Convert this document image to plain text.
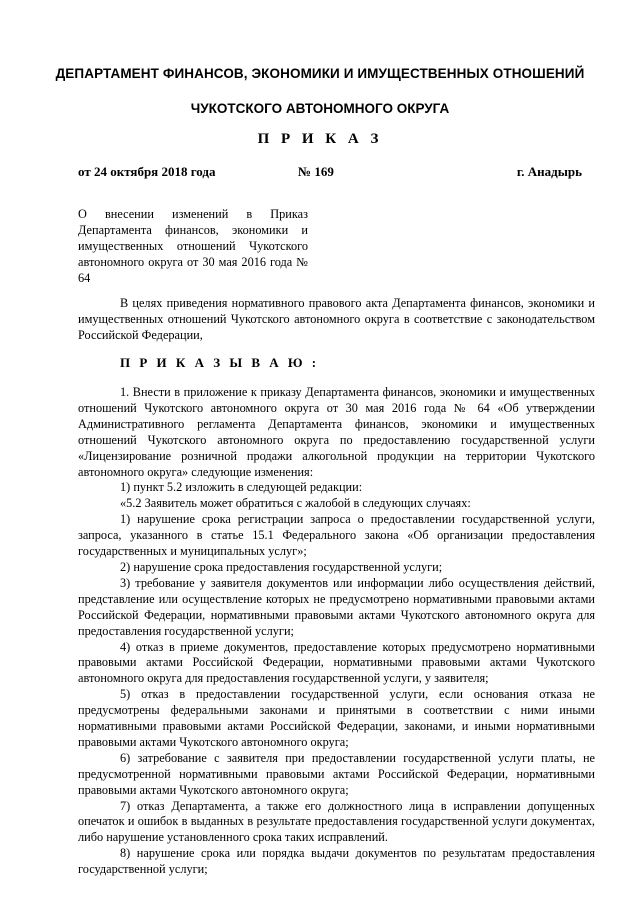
ДЕПАРТАМЕНТ ФИНАНСОВ, ЭКОНОМИКИ И ИМУЩЕСТВЕННЫХ ОТНОШЕНИЙ
ЧУКОТСКОГО АВТОНОМНОГО ОКРУГА
П Р И К А З
от 24 октября 2018 года	№ 169	г. Анадырь
О внесении изменений в Приказ Департамента финансов, экономики и имущественных отношений Чукотского автономного округа от 30 мая 2016 года № 64

В целях приведения нормативного правового акта Департамента финансов, экономики и имущественных отношений Чукотского автономного округа в соответствие с законодательством Российской Федерации,

П Р И К А З Ы В А Ю :

1. Внести в приложение к приказу Департамента финансов, экономики и имущественных отношений Чукотского автономного округа от 30 мая 2016 года № 64 «Об утверждении Административного регламента Департамента финансов, экономики и имущественных отношений Чукотского автономного округа по предоставлению государственной услуги «Лицензирование розничной продажи алкогольной продукции на территории Чукотского автономного округа» следующие изменения:

1) пункт 5.2 изложить в следующей редакции:

«5.2 Заявитель может обратиться с жалобой в следующих случаях:

1) нарушение срока регистрации запроса о предоставлении государственной услуги, запроса, указанного в статье 15.1 Федерального закона «Об организации предоставления государственных и муниципальных услуг»;

2) нарушение срока предоставления государственной услуги;

3) требование у заявителя документов или информации либо осуществления действий, представление или осуществление которых не предусмотрено нормативными правовыми актами Российской Федерации, нормативными правовыми актами Чукотского автономного округа для предоставления государственной услуги;

4) отказ в приеме документов, предоставление которых предусмотрено нормативными правовыми актами Российской Федерации, нормативными правовыми актами Чукотского автономного округа для предоставления государственной услуги, у заявителя;

5) отказ в предоставлении государственной услуги, если основания отказа не предусмотрены федеральными законами и принятыми в соответствии с ними иными нормативными правовыми актами Российской Федерации, законами, и иными нормативными правовыми актами Чукотского автономного округа;

6) затребование с заявителя при предоставлении государственной услуги платы, не предусмотренной нормативными правовыми актами Российской Федерации, нормативными правовыми актами Чукотского автономного округа;

7) отказ Департамента, а также его должностного лица в исправлении допущенных опечаток и ошибок в выданных в результате предоставления государственной услуги документах, либо нарушение установленного срока таких исправлений.

8) нарушение срока или порядка выдачи документов по результатам предоставления государственной услуги;
